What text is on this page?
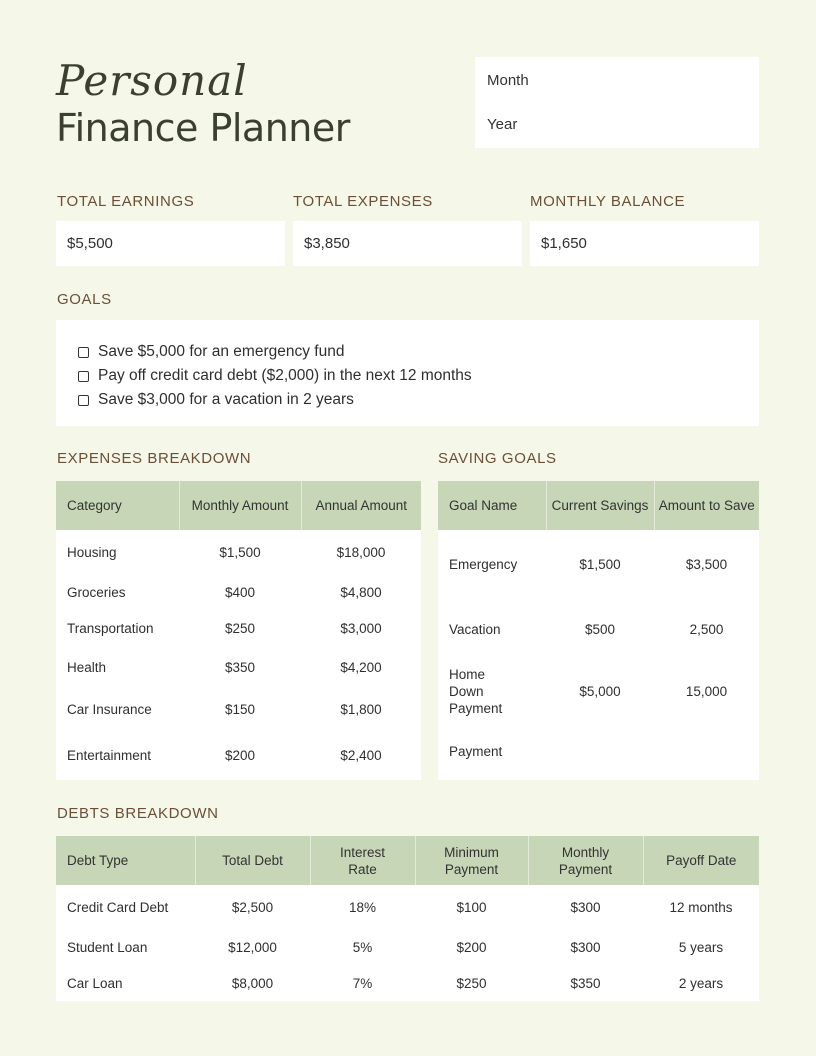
Personal
Finance Planner
Month
Year
TOTAL EARNINGS	TOTAL EXPENSES	MONTHLY BALANCE
$5,500	$3,850	$1,650
GOALS
Save $5,000 for an emergency fund
Pay off credit card debt ($2,000) in the next 12 months
Save $3,000 for a vacation in 2 years
EXPENSES BREAKDOWN
Category	Monthly Amount	Annual Amount
Housing	$1,500	$18,000
Groceries	$400	$4,800
Transportation	$250	$3,000
Health	$350	$4,200
Car Insurance	$150	$1,800
Entertainment	$200	$2,400
SAVING GOALS
Goal Name	Current Savings	Amount to Save
Emergency	$1,500	$3,500
Vacation	$500	2,500
Home Down Payment	$5,000	15,000
Payment		
DEBTS BREAKDOWN
Debt Type	Total Debt	Interest Rate	Minimum Payment	Monthly Payment	Payoff Date
Credit Card Debt	$2,500	18%	$100	$300	12 months
Student Loan	$12,000	5%	$200	$300	5 years
Car Loan	$8,000	7%	$250	$350	2 years
